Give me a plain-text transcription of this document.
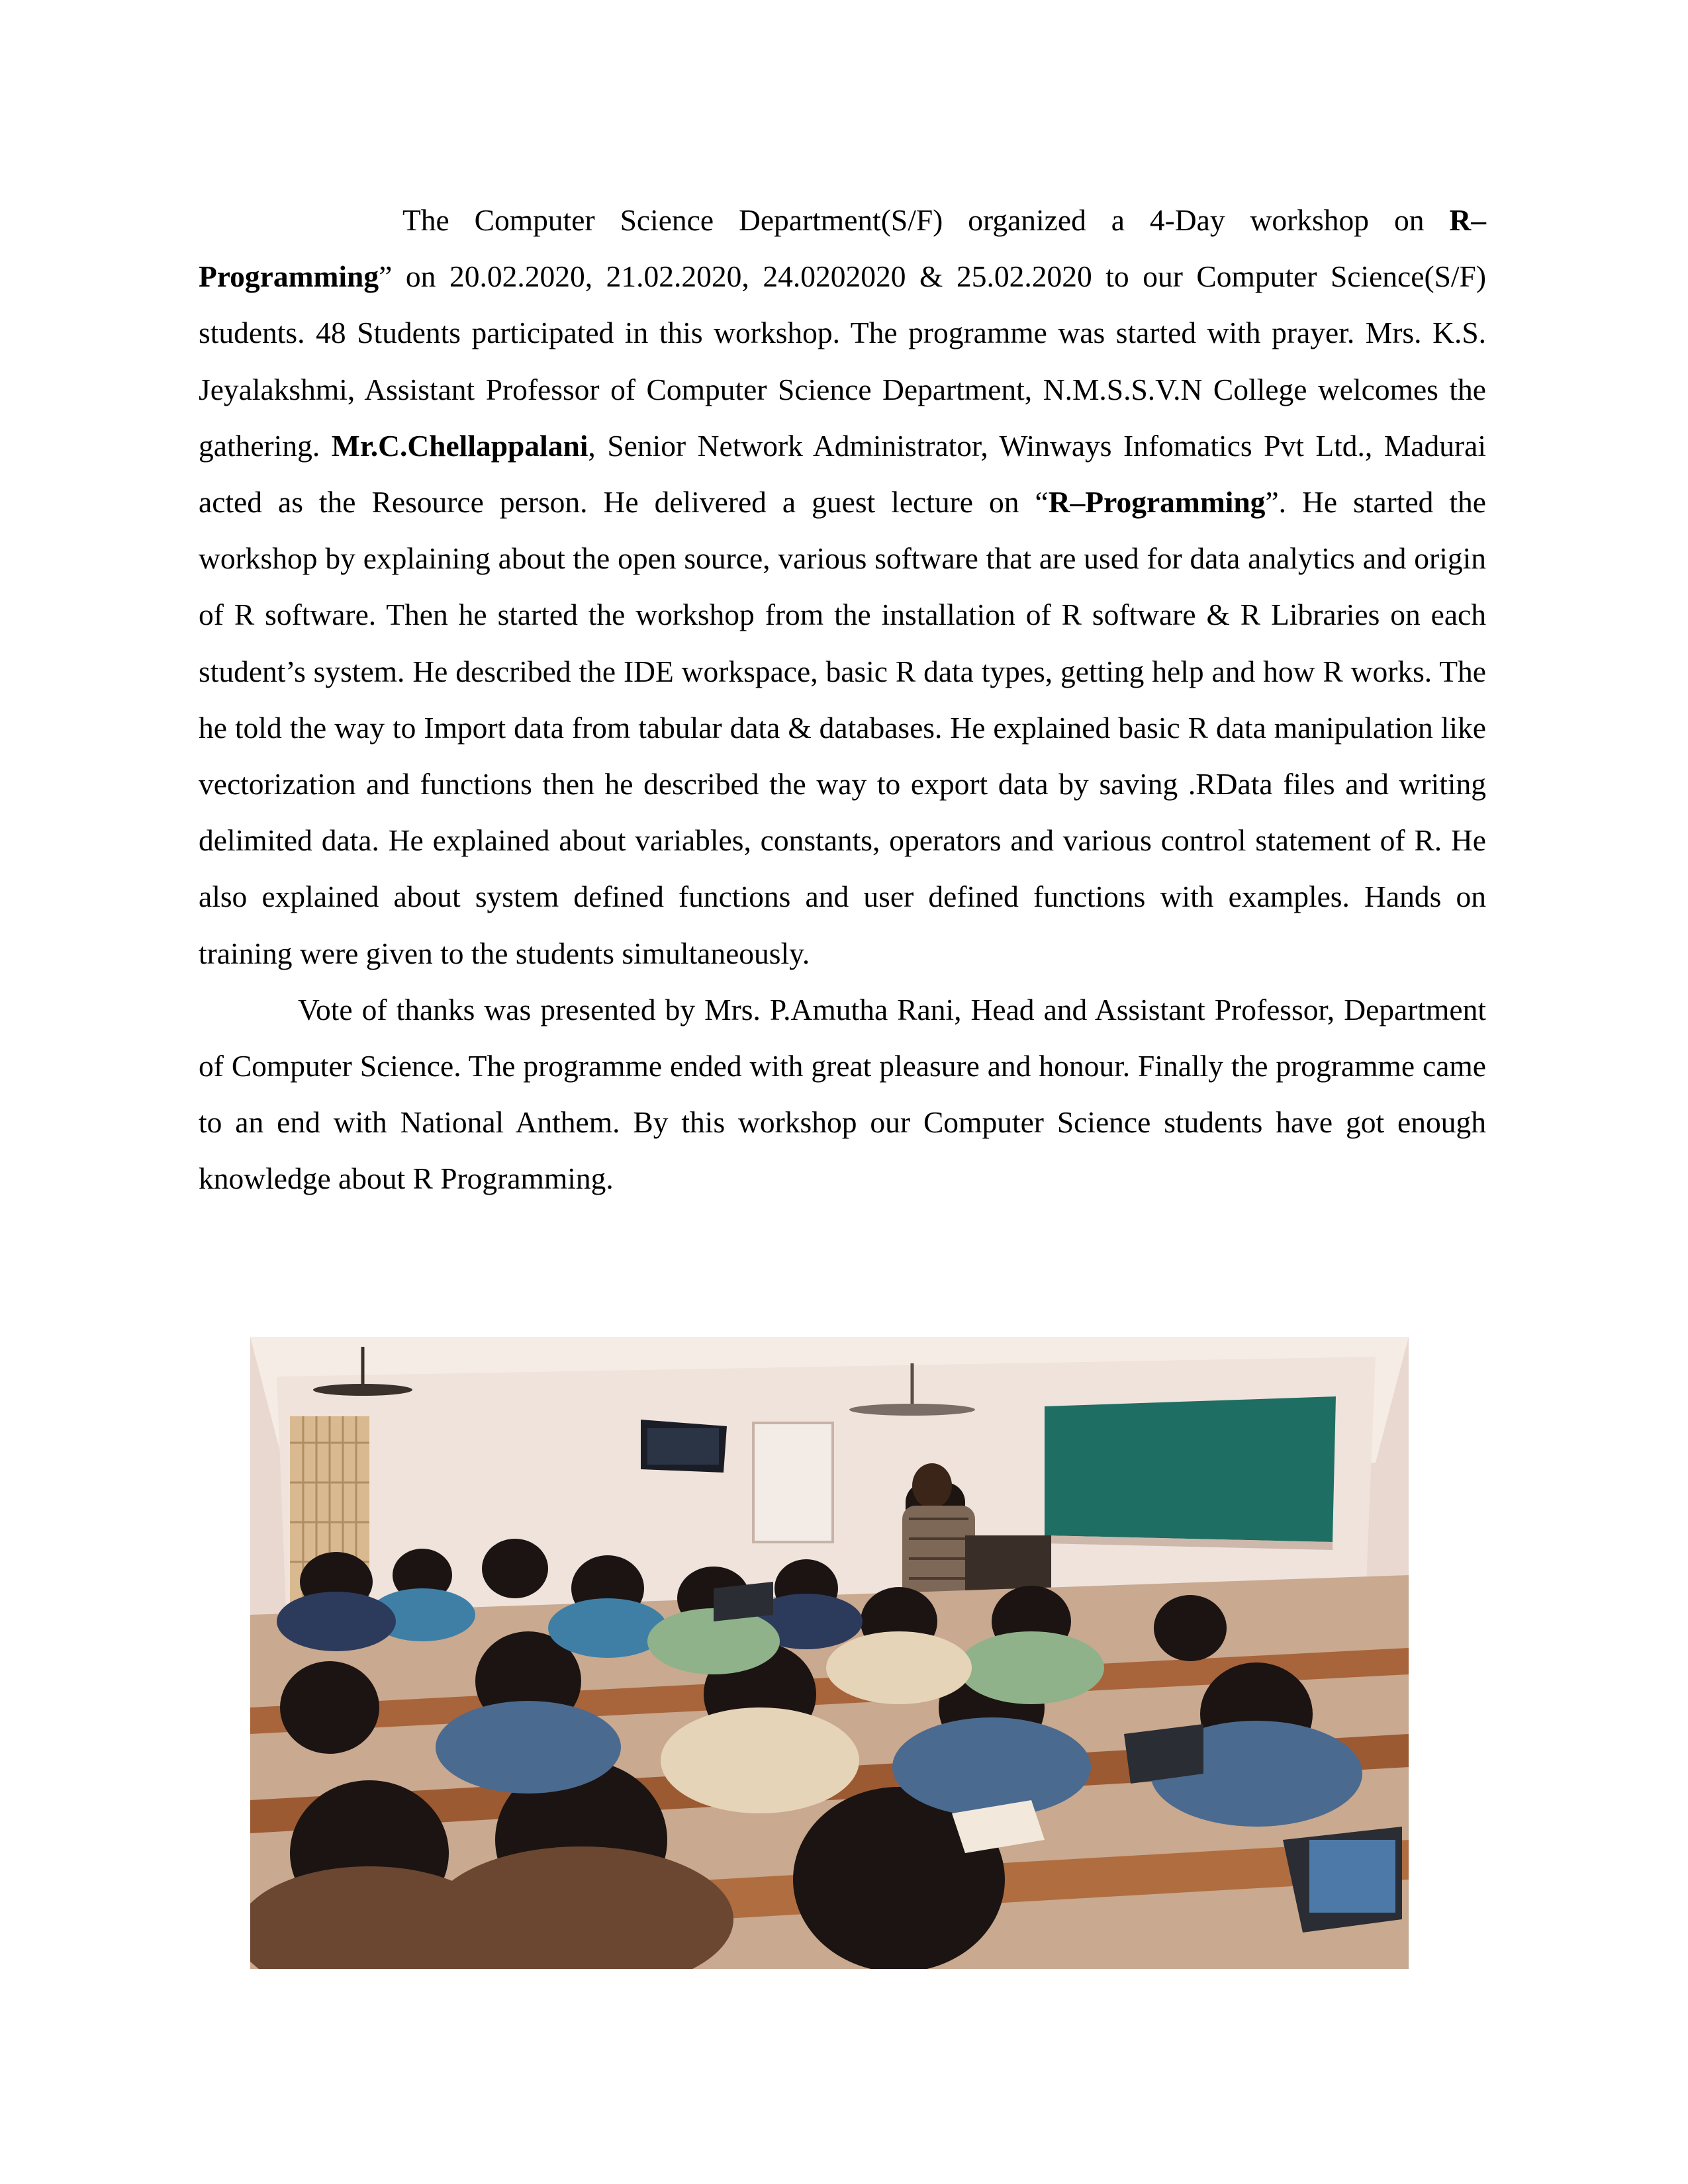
The Computer Science Department(S/F) organized a 4-Day workshop on R–Programming” on 20.02.2020, 21.02.2020, 24.0202020 & 25.02.2020 to our Computer Science(S/F) students. 48 Students participated in this workshop. The programme was started with prayer. Mrs. K.S. Jeyalakshmi, Assistant Professor of Computer Science Department, N.M.S.S.V.N College welcomes the gathering. Mr.C.Chellappalani, Senior Network Administrator, Winways Infomatics Pvt Ltd., Madurai acted as the Resource person. He delivered a guest lecture on “R–Programming”. He started the workshop by explaining about the open source, various software that are used for data analytics and origin of R software. Then he started the workshop from the installation of R software & R Libraries on each student’s system. He described the IDE workspace, basic R data types, getting help and how R works. The he told the way to Import data from tabular data & databases. He explained basic R data manipulation like vectorization and functions then he described the way to export data by saving .RData files and writing delimited data. He explained about variables, constants, operators and various control statement of R. He also explained about system defined functions and user defined functions with examples. Hands on training were given to the students simultaneously.

Vote of thanks was presented by Mrs. P.Amutha Rani, Head and Assistant Professor, Department of Computer Science. The programme ended with great pleasure and honour. Finally the programme came to an end with National Anthem. By this workshop our Computer Science students have got enough knowledge about R Programming.
